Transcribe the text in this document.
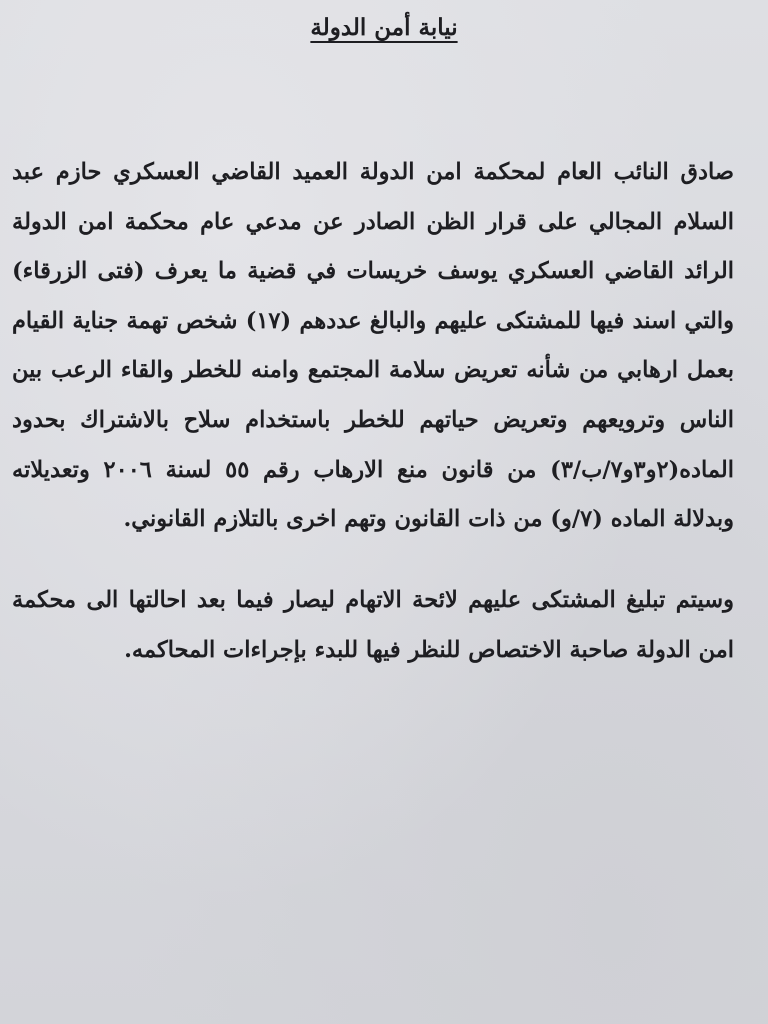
نيابة أمن الدولة

صادق النائب العام لمحكمة امن الدولة العميد القاضي العسكري حازم عبد السلام المجالي على قرار الظن الصادر عن مدعي عام محكمة امن الدولة الرائد القاضي العسكري يوسف خريسات في قضية ما يعرف (فتى الزرقاء) والتي اسند فيها للمشتكى عليهم والبالغ عددهم (١٧) شخص تهمة جناية القيام بعمل ارهابي من شأنه تعريض سلامة المجتمع وامنه للخطر والقاء الرعب بين الناس وترويعهم وتعريض حياتهم للخطر باستخدام سلاح بالاشتراك بحدود الماده(٢و٣و٧/ب/٣) من قانون منع الارهاب رقم ٥٥ لسنة ٢٠٠٦ وتعديلاته وبدلالة الماده (٧/و) من ذات القانون وتهم اخرى بالتلازم القانوني.

وسيتم تبليغ المشتكى عليهم لائحة الاتهام ليصار فيما بعد احالتها الى محكمة امن الدولة صاحبة الاختصاص للنظر فيها للبدء بإجراءات المحاكمه.
